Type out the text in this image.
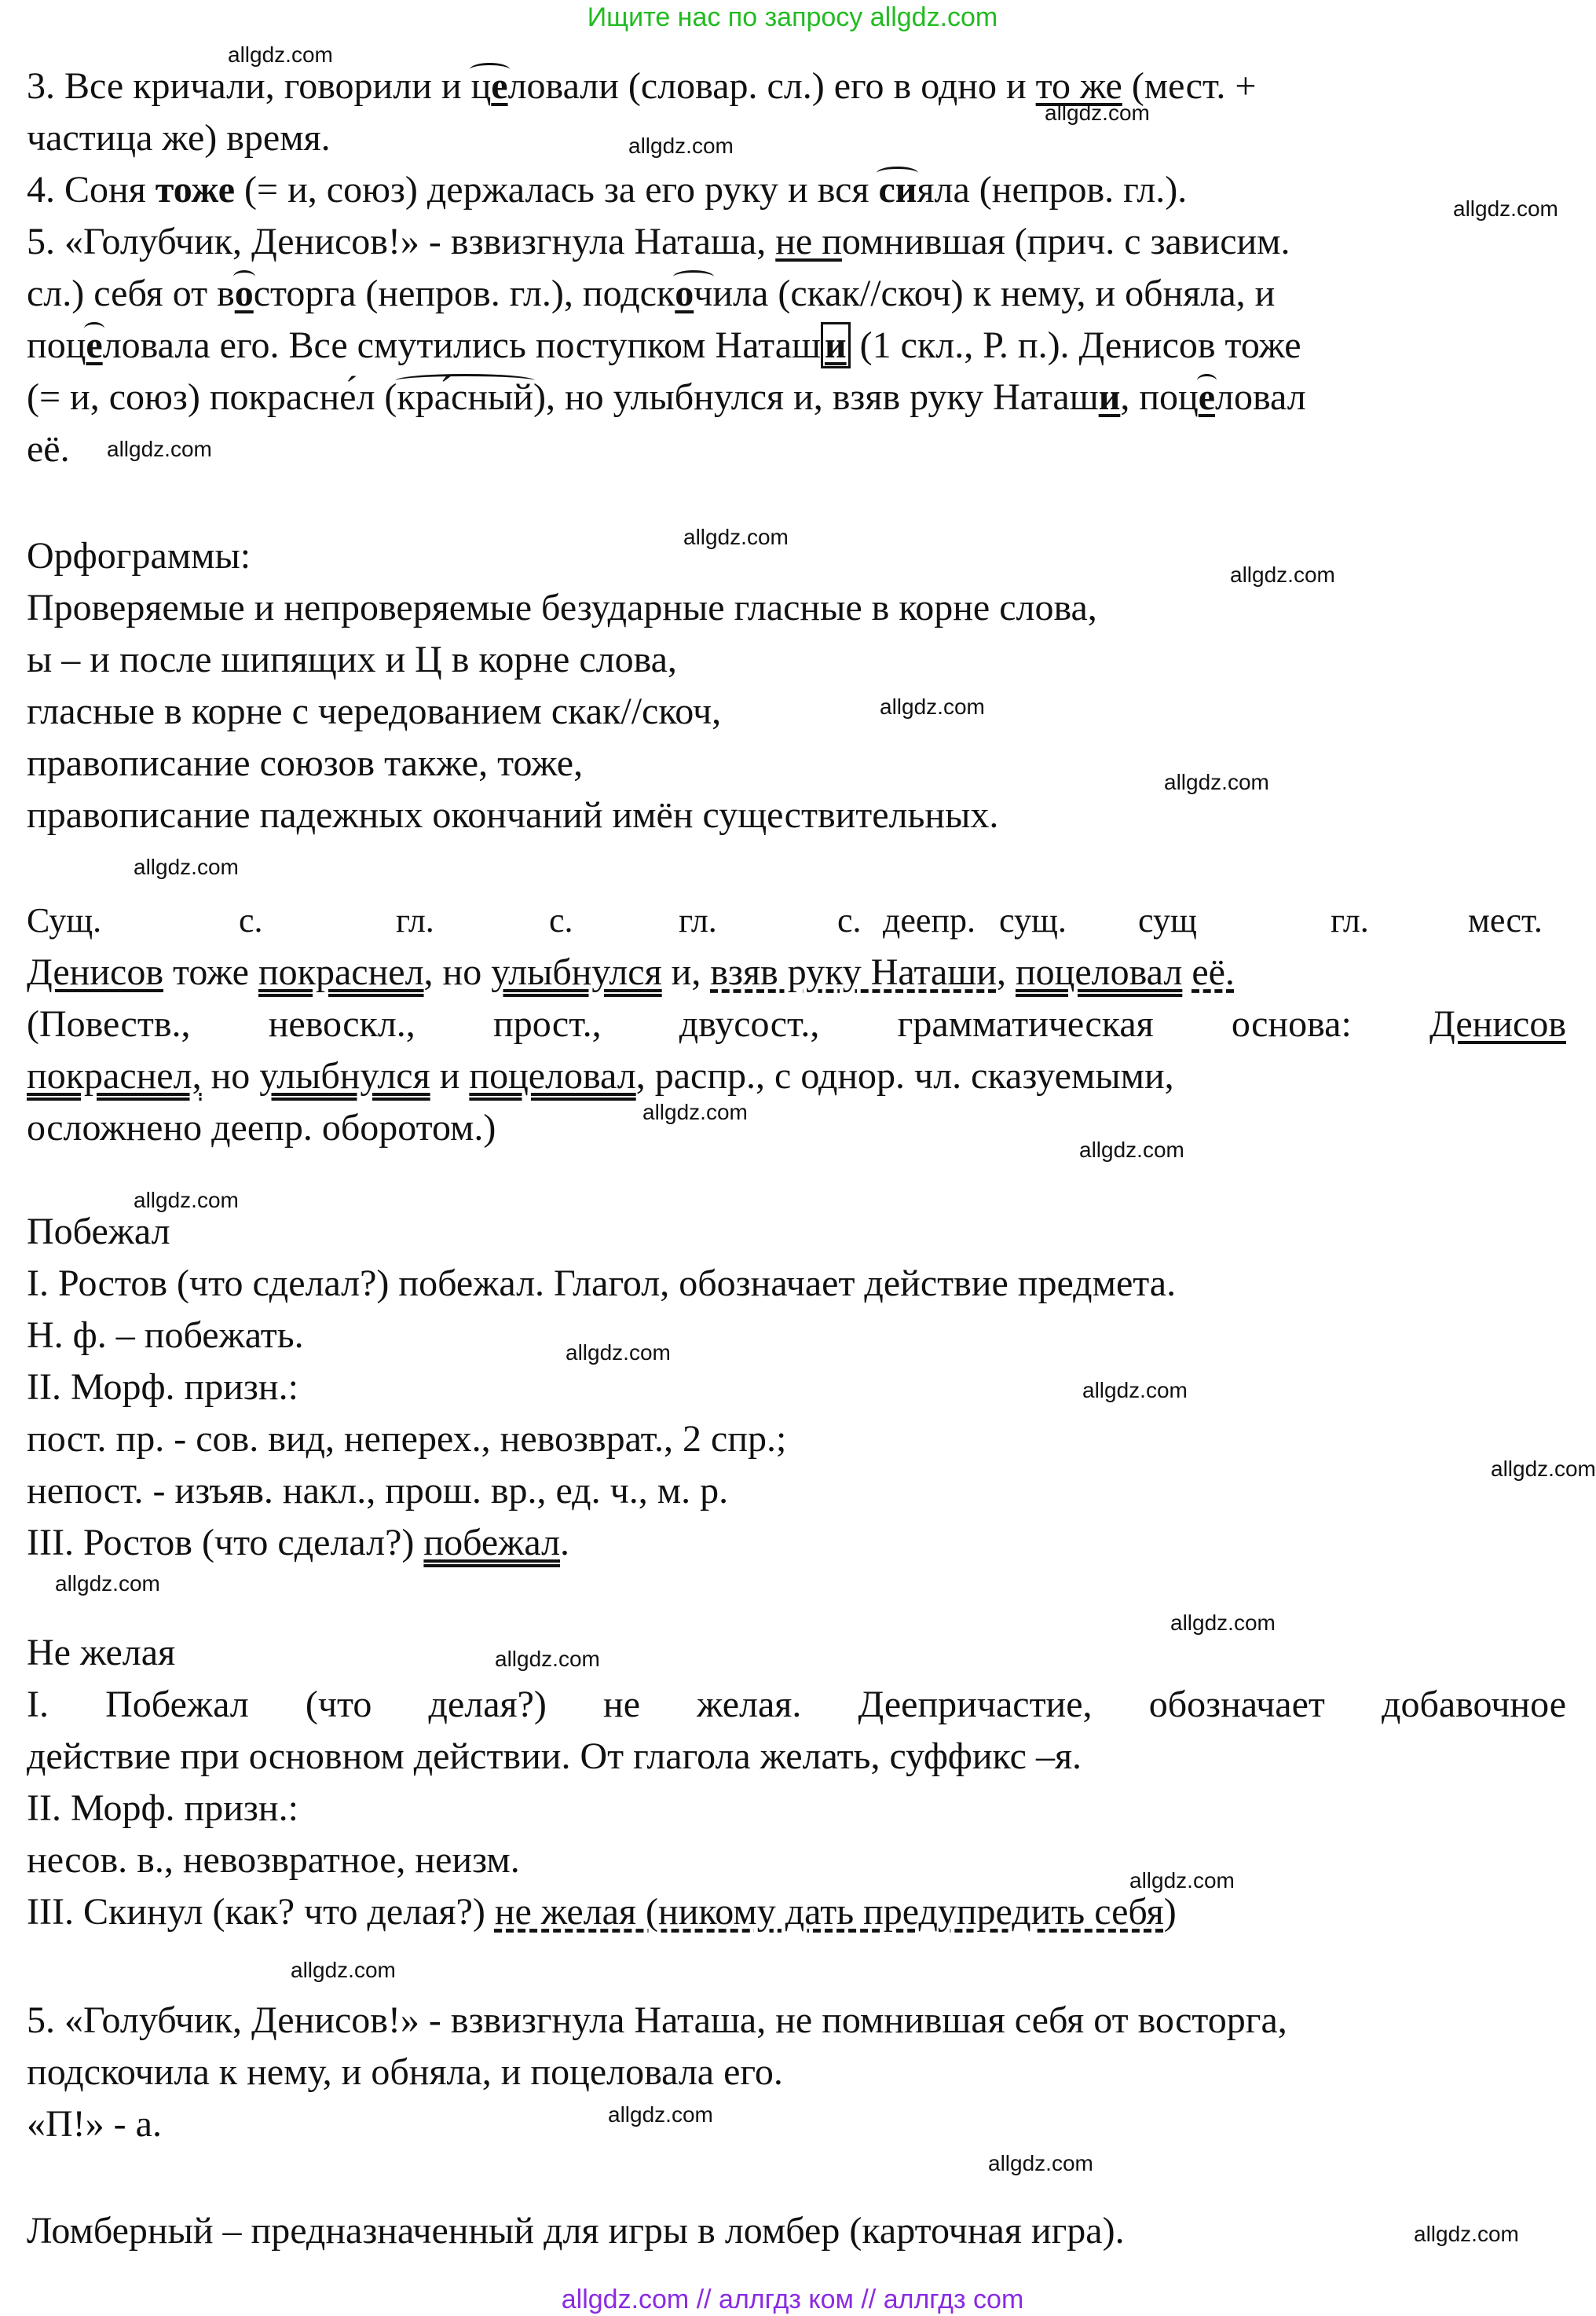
Ищите нас по запросу allgdz.com
3. Все кричали, говорили и целовали (словар. сл.) его в одно и то же (мест. +
частица же) время.
4. Соня тоже (= и, союз) держалась за его руку и вся сияла (непров. гл.).
5. «Голубчик, Денисов!» - взвизгнула Наташа, не помнившая (прич. с зависим.
сл.) себя от восторга (непров. гл.), подскочила (скак//скоч) к нему, и обняла, и
поцеловала его. Все смутились поступком Наташ и (1 скл., Р. п.). Денисов тоже
(= и, союз) покрасне́л (кра́сный), но улыбнулся и, взяв руку Наташи, поцеловал
её.
Орфограммы:
Проверяемые и непроверяемые безударные гласные в корне слова,
ы – и после шипящих и Ц в корне слова,
гласные в корне с чередованием скак//скоч,
правописание союзов также, тоже,
правописание падежных окончаний имён существительных.
Сущ.	с.	гл.	с.	гл.	с. деепр. сущ. сущ	гл.	мест.
Денисов тоже покраснел, но улыбнулся и, взяв руку Наташи, поцеловал её.
(Повеств., невоскл., прост., двусост., грамматическая основа: Денисов
покраснел, но улыбнулся и поцеловал, распр., с однор. чл. сказуемыми,
осложнено деепр. оборотом.)
Побежал
I. Ростов (что сделал?) побежал. Глагол, обозначает действие предмета.
Н. ф. – побежать.
II. Морф. призн.:
пост. пр. - сов. вид, неперех., невозврат., 2 спр.;
непост. - изъяв. накл., прош. вр., ед. ч., м. р.
III. Ростов (что сделал?) побежал.
Не желая
I. Побежал (что делая?) не желая. Деепричастие, обозначает добавочное
действие при основном действии. От глагола желать, суффикс –я.
II. Морф. призн.:
несов. в., невозвратное, неизм.
III. Скинул (как? что делая?) не желая (никому дать предупредить себя)
5. «Голубчик, Денисов!» - взвизгнула Наташа, не помнившая себя от восторга,
подскочила к нему, и обняла, и поцеловала его.
«П!» - а.
Ломберный – предназначенный для игры в ломбер (карточная игра).
allgdz.com
allgdz.com
allgdz.com
allgdz.com
allgdz.com
allgdz.com
allgdz.com
allgdz.com
allgdz.com
allgdz.com
allgdz.com
allgdz.com
allgdz.com
allgdz.com
allgdz.com
allgdz.com
allgdz.com
allgdz.com
allgdz.com
allgdz.com
allgdz.com
allgdz.com
allgdz.com
allgdz.com
allgdz.com // аллгдз ком // аллгдз com
